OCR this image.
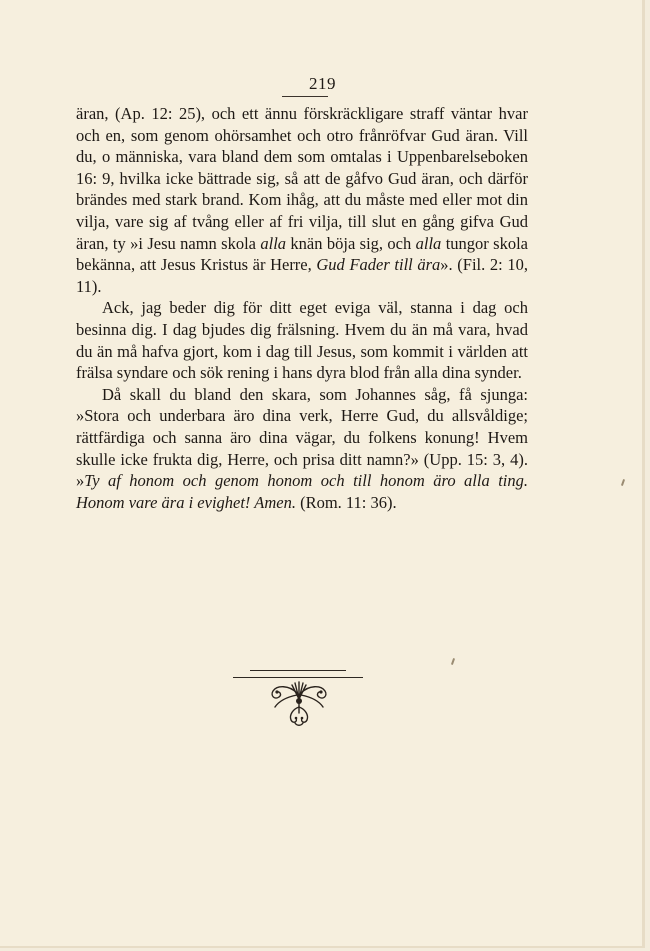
219

äran, (Ap. 12: 25), och ett ännu förskräckligare straff väntar hvar och en, som genom ohörsamhet och otro frånröfvar Gud äran. Vill du, o människa, vara bland dem som omtalas i Uppenbarelseboken 16: 9, hvilka icke bättrade sig, så att de gåfvo Gud äran, och därför brändes med stark brand. Kom ihåg, att du måste med eller mot din vilja, vare sig af tvång eller af fri vilja, till slut en gång gifva Gud äran, ty »i Jesu namn skola alla knän böja sig, och alla tungor skola bekänna, att Jesus Kristus är Herre, Gud Fader till ära». (Fil. 2: 10, 11).

Ack, jag beder dig för ditt eget eviga väl, stanna i dag och besinna dig. I dag bjudes dig frälsning. Hvem du än må vara, hvad du än må hafva gjort, kom i dag till Jesus, som kommit i världen att frälsa syndare och sök rening i hans dyra blod från alla dina synder.

Då skall du bland den skara, som Johannes såg, få sjunga: »Stora och underbara äro dina verk, Herre Gud, du allsvåldige; rättfärdiga och sanna äro dina vägar, du folkens konung! Hvem skulle icke frukta dig, Herre, och prisa ditt namn?» (Upp. 15: 3, 4). »Ty af honom och genom honom och till honom äro alla ting. Honom vare ära i evighet! Amen. (Rom. 11: 36).
